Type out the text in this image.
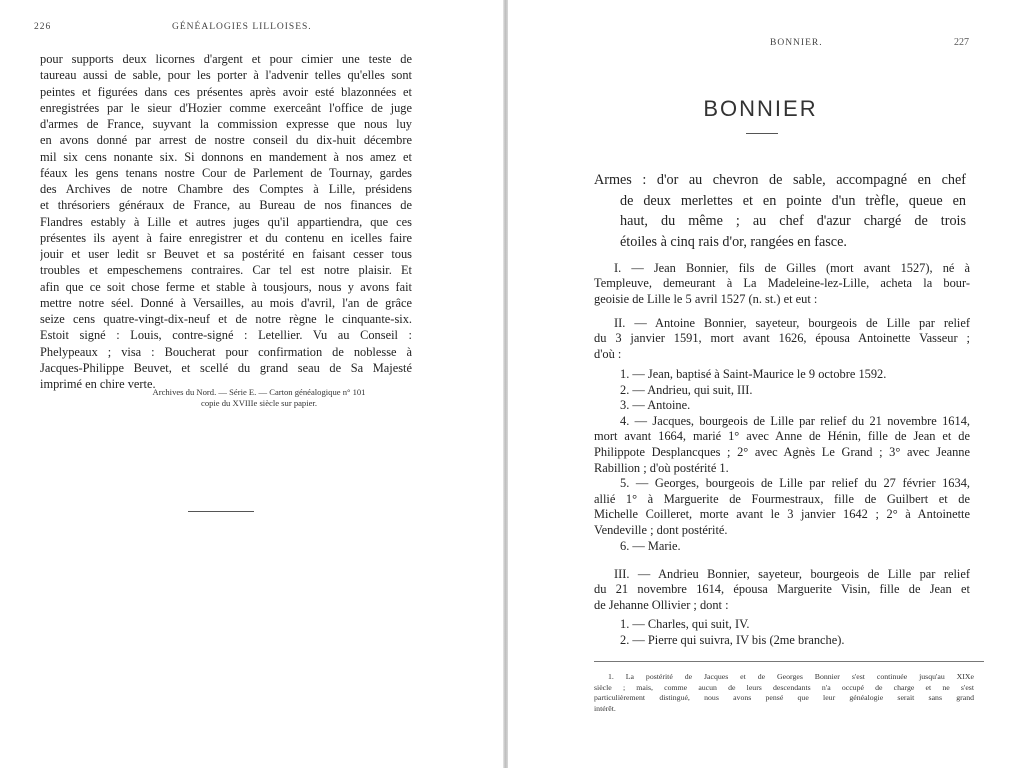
226	GÉNÉALOGIES LILLOISES.
pour supports deux licornes d'argent et pour cimier une teste de
taureau aussi de sable, pour les porter à l'advenir telles qu'elles sont
peintes et figurées dans ces présentes après avoir esté blazonnées et
enregistrées par le sieur d'Hozier comme exerceânt l'office de juge
d'armes de France, suyvant la commission expresse que nous luy
en avons donné par arrest de nostre conseil du dix-huit décembre
mil six cens nonante six. Si donnons en mandement à nos amez et
féaux les gens tenans nostre Cour de Parlement de Tournay, gardes
des Archives de notre Chambre des Comptes à Lille, présidens
et thrésoriers généraux de France, au Bureau de nos finances de
Flandres estably à Lille et autres juges qu'il appartiendra, que ces
présentes ils ayent à faire enregistrer et du contenu en icelles faire
jouir et user ledit sr Beuvet et sa postérité en faisant cesser tous
troubles et empeschemens contraires. Car tel est notre plaisir. Et
afin que ce soit chose ferme et stable à tousjours, nous y avons fait
mettre notre séel. Donné à Versailles, au mois d'avril, l'an de grâce
seize cens quatre-vingt-dix-neuf et de notre règne le cinquante-six.
Estoit signé : Louis, contre-signé : Letellier. Vu au Conseil :
Phelypeaux ; visa : Boucherat pour confirmation de noblesse à
Jacques-Philippe Beuvet, et scellé du grand seau de Sa Majesté
imprimé en chire verte.
Archives du Nord. — Série E. — Carton généalogique n° 101
copie du XVIIIe siècle sur papier.
BONNIER.	227
BONNIER
Armes : d'or au chevron de sable, accompagné en chef
de deux merlettes et en pointe d'un trèfle, queue en
haut, du même ; au chef d'azur chargé de trois
étoiles à cinq rais d'or, rangées en fasce.
I. — Jean Bonnier, fils de Gilles (mort avant 1527), né à
Templeuve, demeurant à La Madeleine-lez-Lille, acheta la bour-
geoisie de Lille le 5 avril 1527 (n. st.) et eut :
II. — Antoine Bonnier, sayeteur, bourgeois de Lille par relief
du 3 janvier 1591, mort avant 1626, épousa Antoinette Vasseur ;
d'où :
1. — Jean, baptisé à Saint-Maurice le 9 octobre 1592.
2. — Andrieu, qui suit, III.
3. — Antoine.
4. — Jacques, bourgeois de Lille par relief du 21 novembre 1614,
mort avant 1664, marié 1° avec Anne de Hénin, fille de Jean et de
Philippote Desplancques ; 2° avec Agnès Le Grand ; 3° avec Jeanne
Rabillion ; d'où postérité 1.
5. — Georges, bourgeois de Lille par relief du 27 février 1634,
allié 1° à Marguerite de Fourmestraux, fille de Guilbert et de
Michelle Coilleret, morte avant le 3 janvier 1642 ; 2° à Antoinette
Vendeville ; dont postérité.
6. — Marie.
III. — Andrieu Bonnier, sayeteur, bourgeois de Lille par relief
du 21 novembre 1614, épousa Marguerite Visin, fille de Jean et
de Jehanne Ollivier ; dont :
1. — Charles, qui suit, IV.
2. — Pierre qui suivra, IV bis (2me branche).
1. La postérité de Jacques et de Georges Bonnier s'est continuée jusqu'au XIXe
siècle ; mais, comme aucun de leurs descendants n'a occupé de charge et ne s'est
particulièrement distingué, nous avons pensé que leur généalogie serait sans grand
intérêt.
